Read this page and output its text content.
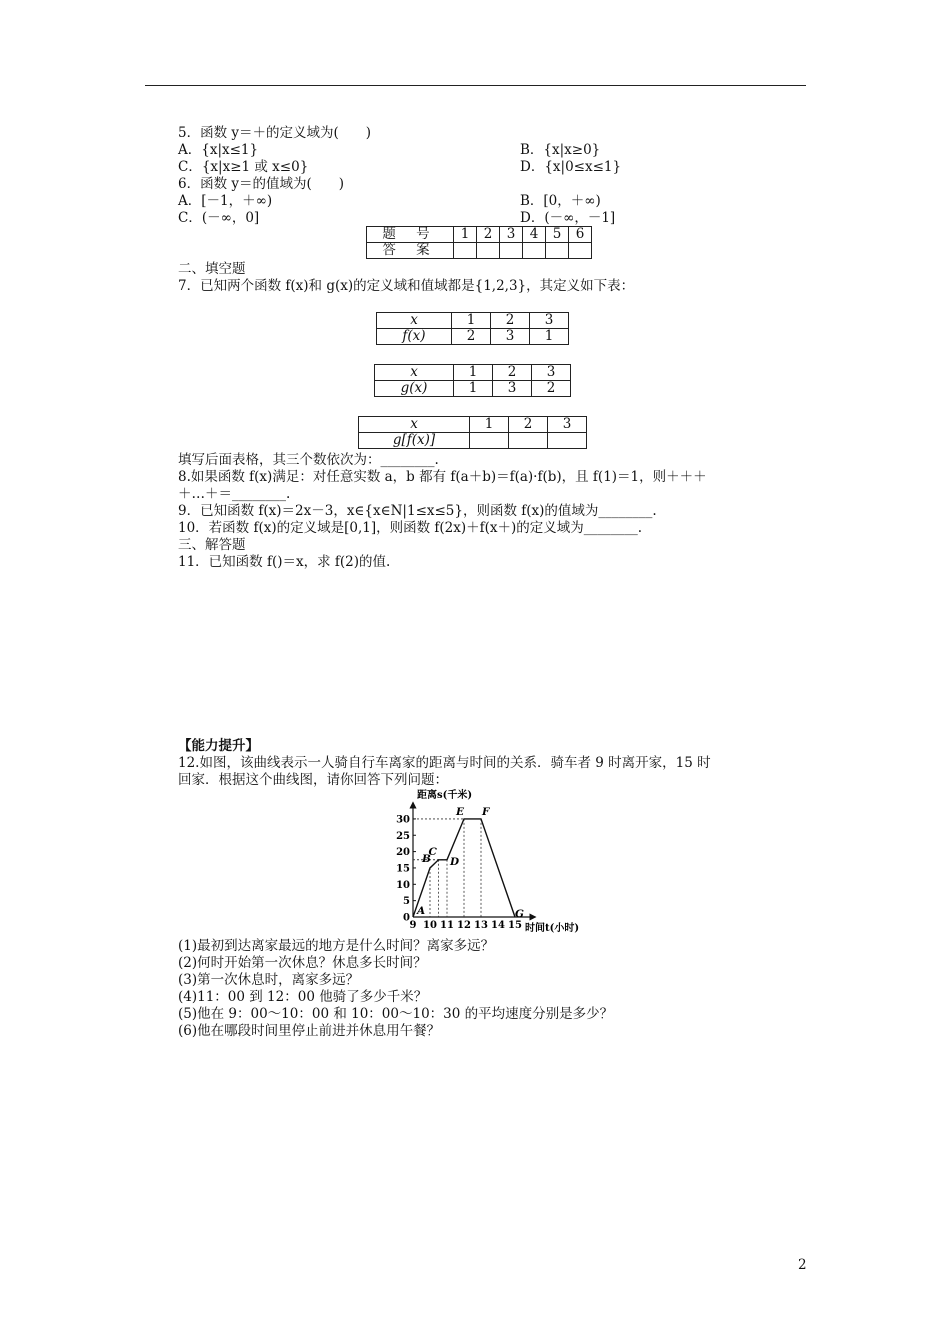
5．函数 y＝＋的定义域为(　　)
A．{x|x≤1}	B．{x|x≥0}
C．{x|x≥1 或 x≤0}	D．{x|0≤x≤1}
6．函数 y＝的值域为(　　)
A．[－1，＋∞)	B．[0，＋∞)
C．(－∞，0]	D．(－∞，－1]
题 号	1	2	3	4	5	6
答 案						
二、填空题
7．已知两个函数 f(x)和 g(x)的定义域和值域都是{1,2,3}，其定义如下表：
x	1	2	3
f(x)	2	3	1
x	1	2	3
g(x)	1	3	2
x	1	2	3
g[f(x)]			
填写后面表格，其三个数依次为：________.
8.如果函数 f(x)满足：对任意实数 a，b 都有 f(a＋b)＝f(a)·f(b)，且 f(1)＝1，则＋＋＋
＋…＋＝________.
9．已知函数 f(x)＝2x－3，x∈{x∈N|1≤x≤5}，则函数 f(x)的值域为________.
10．若函数 f(x)的定义域是[0,1]，则函数 f(2x)＋f(x＋)的定义域为________.
三、解答题
11．已知函数 f()＝x，求 f(2)的值.
【能力提升】
12.如图，该曲线表示一人骑自行车离家的距离与时间的关系．骑车者 9 时离开家，15 时
回家．根据这个曲线图，请你回答下列问题：
9 10 11 12 13 14 15
0
5
10
15
20
25
30
A
B
C
D
E F
G
距离s(千米)
时间t(小时)
(1)最初到达离家最远的地方是什么时间？离家多远？
(2)何时开始第一次休息？休息多长时间？
(3)第一次休息时，离家多远？
(4)11：00 到 12：00 他骑了多少千米？
(5)他在 9：00～10：00 和 10：00～10：30 的平均速度分别是多少？
(6)他在哪段时间里停止前进并休息用午餐？
2
